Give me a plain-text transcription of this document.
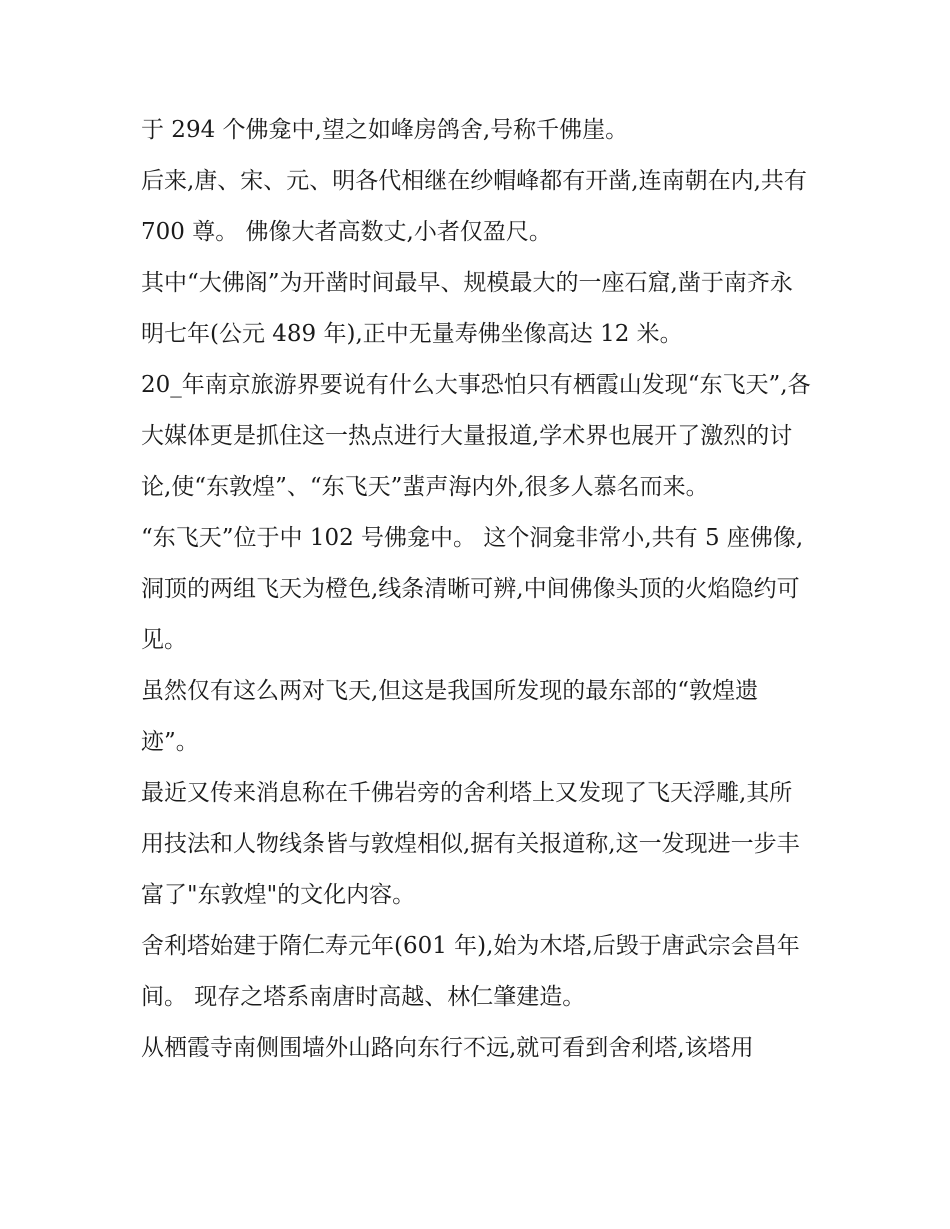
于 294 个佛龛中,望之如峰房鸽舍,号称千佛崖。

后来,唐、宋、元、明各代相继在纱帽峰都有开凿,连南朝在内,共有 700 尊。 佛像大者高数丈,小者仅盈尺。

其中“大佛阁”为开凿时间最早、规模最大的一座石窟,凿于南齐永明七年(公元 489 年),正中无量寿佛坐像高达 12 米。

20_年南京旅游界要说有什么大事恐怕只有栖霞山发现“东飞天”,各大媒体更是抓住这一热点进行大量报道,学术界也展开了激烈的讨论,使“东敦煌”、“东飞天”蜚声海内外,很多人慕名而来。

“东飞天”位于中 102 号佛龛中。 这个洞龛非常小,共有 5 座佛像,洞顶的两组飞天为橙色,线条清晰可辨,中间佛像头顶的火焰隐约可见。

虽然仅有这么两对飞天,但这是我国所发现的最东部的“敦煌遗迹”。

最近又传来消息称在千佛岩旁的舍利塔上又发现了飞天浮雕,其所用技法和人物线条皆与敦煌相似,据有关报道称,这一发现进一步丰富了"东敦煌"的文化内容。

舍利塔始建于隋仁寿元年(601 年),始为木塔,后毁于唐武宗会昌年间。 现存之塔系南唐时高越、林仁肇建造。

从栖霞寺南侧围墙外山路向东行不远,就可看到舍利塔,该塔用
